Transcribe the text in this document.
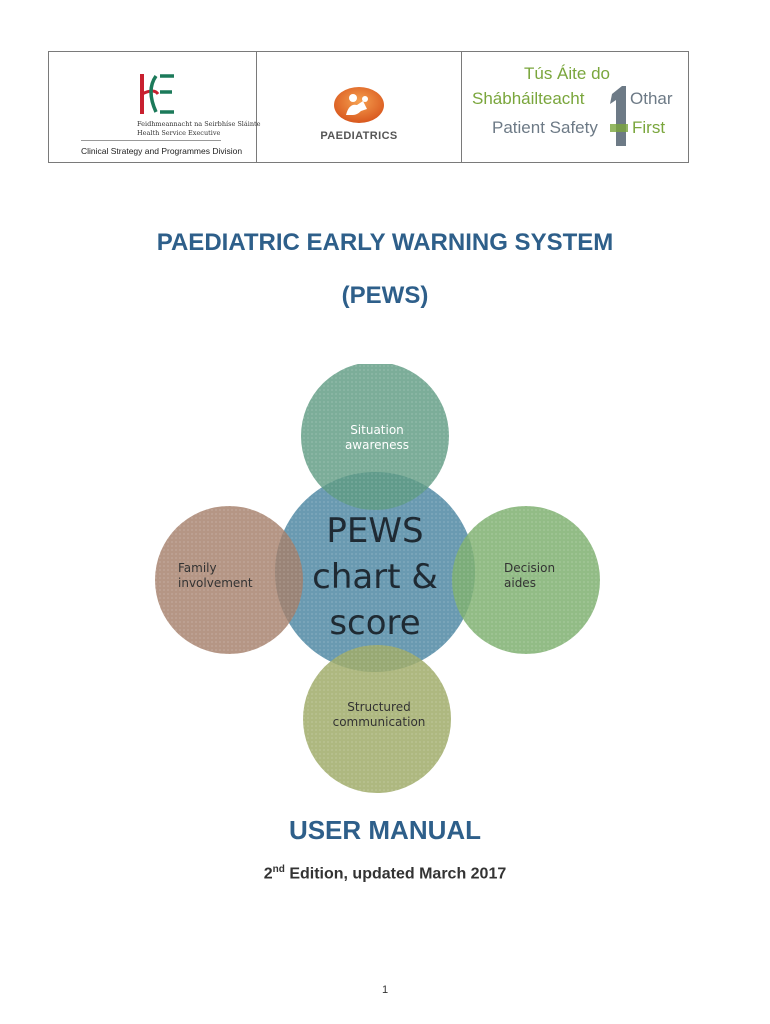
Feidhmeannacht na Seirbhíse Sláinte
Health Service Executive
Clinical Strategy and Programmes Division
PAEDIATRICS
Tús Áite do
Shábháilteacht	Othar
Patient Safety First
PAEDIATRIC EARLY WARNING SYSTEM
(PEWS)
Situation
awareness
Family
involvement
Decision
aides
Structured
communication
PEWS
chart &
score
USER MANUAL
2nd Edition, updated March 2017
1
